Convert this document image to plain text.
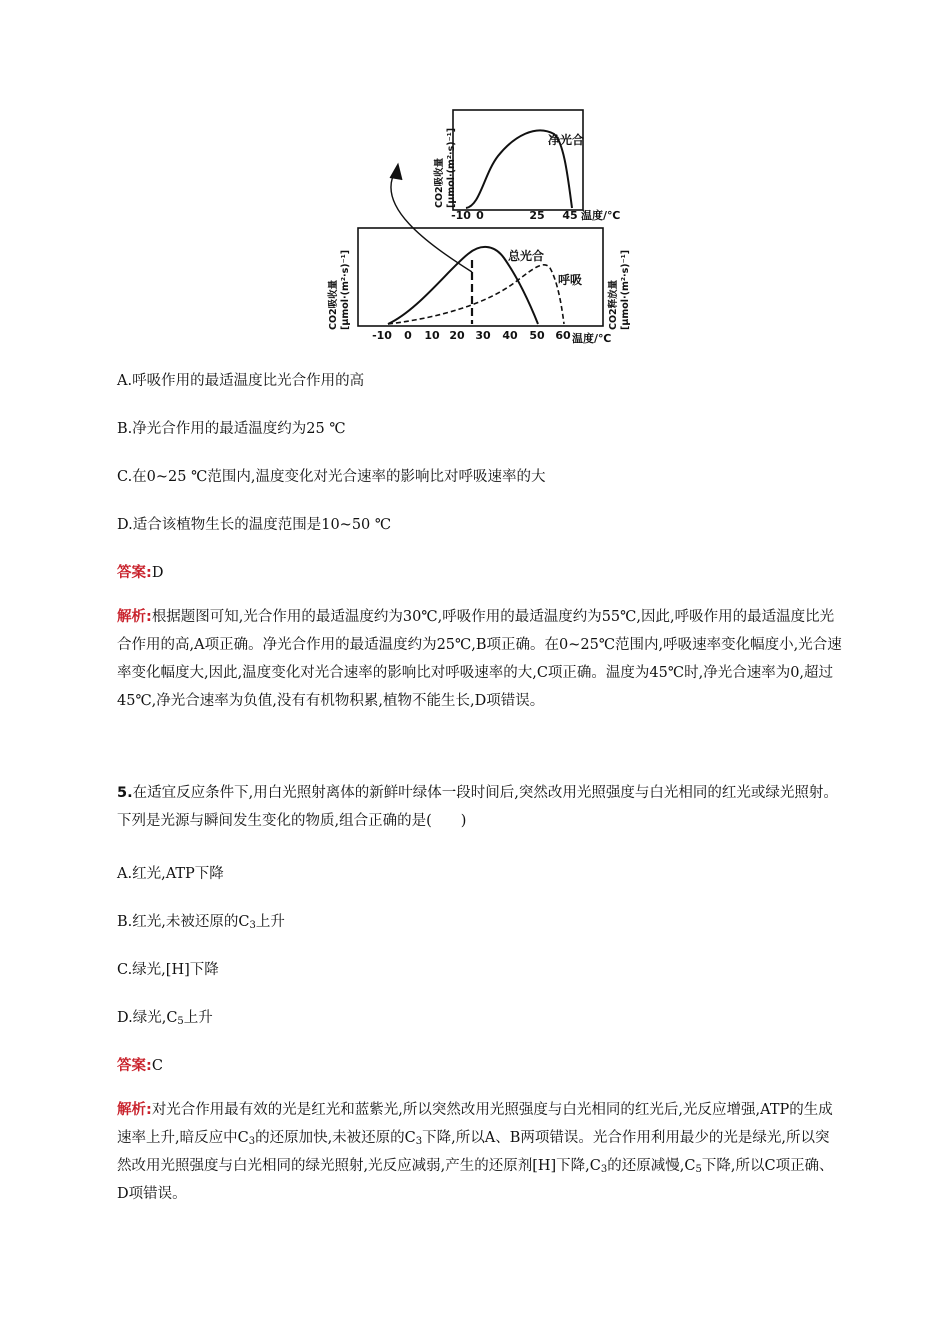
净光合
-10 0	25 45 温度/℃
CO2吸收量 [μmol·(m²·s)⁻¹]
总光合
呼吸
-10 0 10 20 30 40 50 60 温度/℃
CO2吸收量 [μmol·(m²·s)⁻¹]	CO2释放量 [μmol·(m²·s)⁻¹]
A.呼吸作用的最适温度比光合作用的高
B.净光合作用的最适温度约为25 ℃
C.在0~25 ℃范围内,温度变化对光合速率的影响比对呼吸速率的大
D.适合该植物生长的温度范围是10~50 ℃
答案:D
解析:根据题图可知,光合作用的最适温度约为30℃,呼吸作用的最适温度约为55℃,因此,呼吸作用的最适温度比光合作用的高,A项正确。净光合作用的最适温度约为25℃,B项正确。在0~25℃范围内,呼吸速率变化幅度小,光合速率变化幅度大,因此,温度变化对光合速率的影响比对呼吸速率的大,C项正确。温度为45℃时,净光合速率为0,超过45℃,净光合速率为负值,没有有机物积累,植物不能生长,D项错误。
5.在适宜反应条件下,用白光照射离体的新鲜叶绿体一段时间后,突然改用光照强度与白光相同的红光或绿光照射。下列是光源与瞬间发生变化的物质,组合正确的是(　　)
A.红光,ATP下降
B.红光,未被还原的$C_3$上升
C.绿光,[H]下降
D.绿光$,C_5$上升
答案:C
解析:对光合作用最有效的光是红光和蓝紫光,所以突然改用光照强度与白光相同的红光后,光反应增强,ATP的生成速率上升,暗反应中$C_3$的还原加快,未被还原的$C_3$下降,所以A、B两项错误。光合作用利用最少的光是绿光,所以突然改用光照强度与白光相同的绿光照射,光反应减弱,产生的还原剂[H]下降$,C_3$的还原减慢$,C_5$下降,所以C项正确、D项错误。
